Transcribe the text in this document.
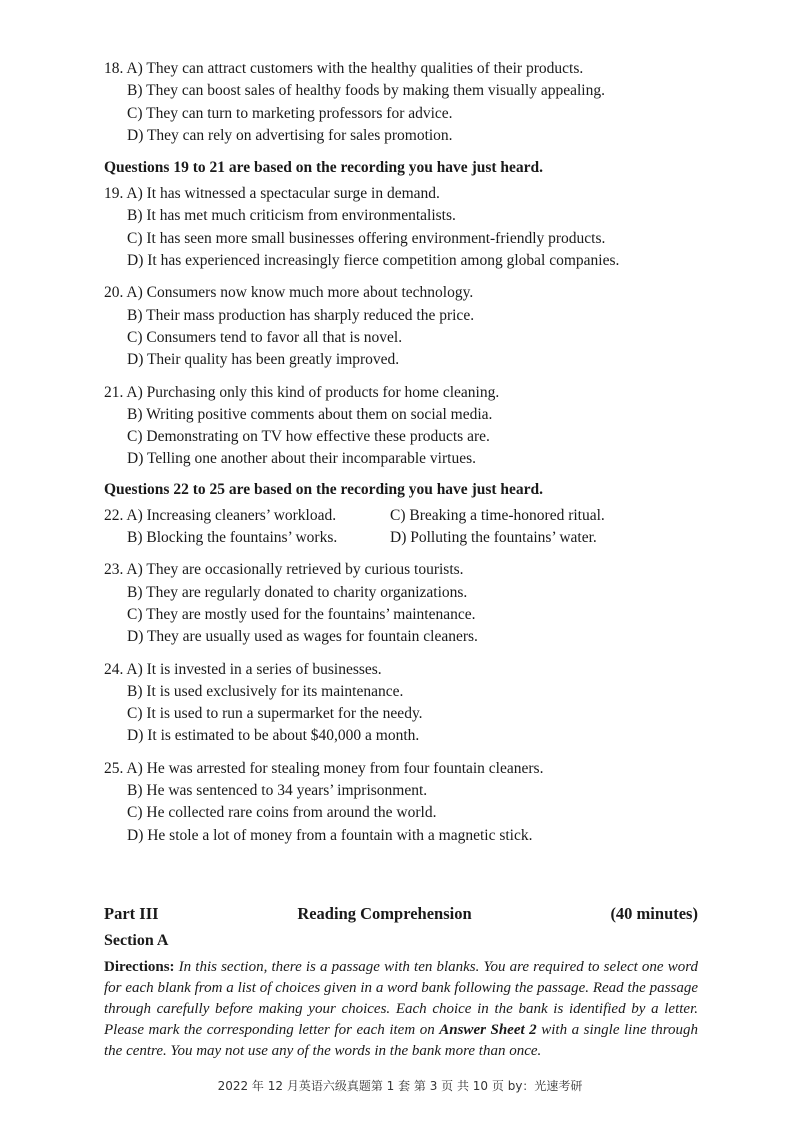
18. A) They can attract customers with the healthy qualities of their products.
B) They can boost sales of healthy foods by making them visually appealing.
C) They can turn to marketing professors for advice.
D) They can rely on advertising for sales promotion.
Questions 19 to 21 are based on the recording you have just heard.
19. A) It has witnessed a spectacular surge in demand.
B) It has met much criticism from environmentalists.
C) It has seen more small businesses offering environment-friendly products.
D) It has experienced increasingly fierce competition among global companies.
20. A) Consumers now know much more about technology.
B) Their mass production has sharply reduced the price.
C) Consumers tend to favor all that is novel.
D) Their quality has been greatly improved.
21. A) Purchasing only this kind of products for home cleaning.
B) Writing positive comments about them on social media.
C) Demonstrating on TV how effective these products are.
D) Telling one another about their incomparable virtues.
Questions 22 to 25 are based on the recording you have just heard.
22. A) Increasing cleaners’ workload.	C) Breaking a time-honored ritual.
B) Blocking the fountains’ works.	D) Polluting the fountains’ water.
23. A) They are occasionally retrieved by curious tourists.
B) They are regularly donated to charity organizations.
C) They are mostly used for the fountains’ maintenance.
D) They are usually used as wages for fountain cleaners.
24. A) It is invested in a series of businesses.
B) It is used exclusively for its maintenance.
C) It is used to run a supermarket for the needy.
D) It is estimated to be about $40,000 a month.
25. A) He was arrested for stealing money from four fountain cleaners.
B) He was sentenced to 34 years’ imprisonment.
C) He collected rare coins from around the world.
D) He stole a lot of money from a fountain with a magnetic stick.
Part III	Reading Comprehension	(40 minutes)
Section A
Directions: In this section, there is a passage with ten blanks. You are required to select one word for each blank from a list of choices given in a word bank following the passage. Read the passage through carefully before making your choices. Each choice in the bank is identified by a letter. Please mark the corresponding letter for each item on Answer Sheet 2 with a single line through the centre. You may not use any of the words in the bank more than once.
2022 年 12 月英语六级真题第 1 套 第 3 页 共 10 页 by：光速考研
